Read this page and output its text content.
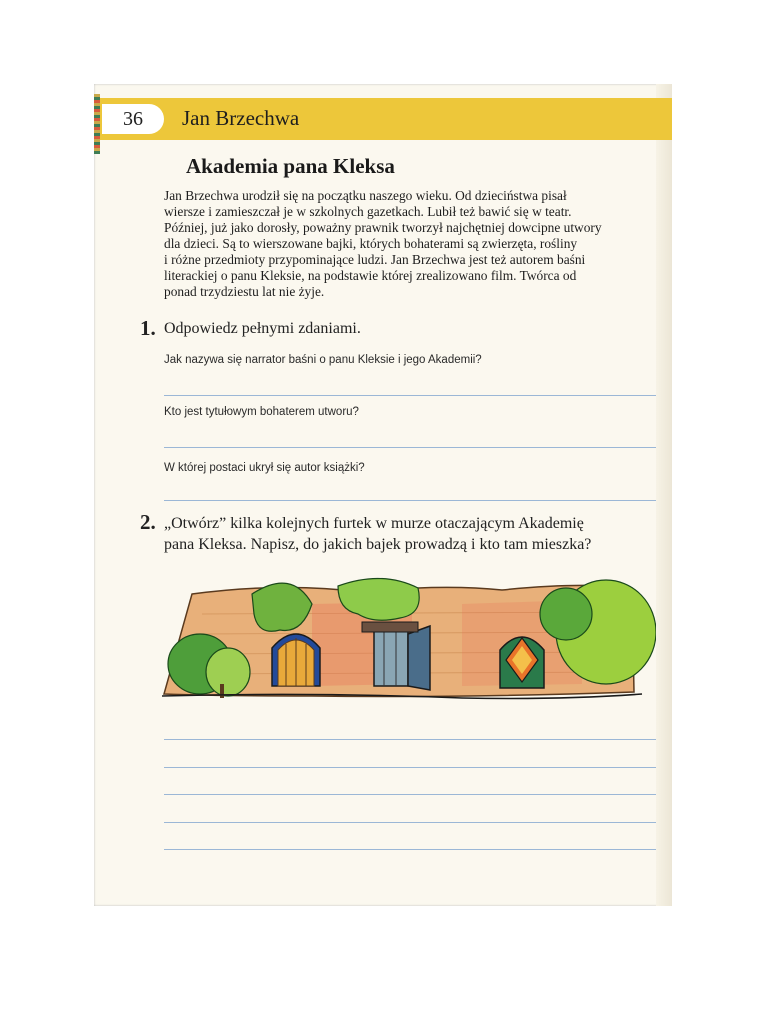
36	Jan Brzechwa
Akademia pana Kleksa

Jan Brzechwa urodził się na początku naszego wieku. Od dzieciństwa pisał
wiersze i zamieszczał je w szkolnych gazetkach. Lubił też bawić się w teatr.
Później, już jako dorosły, poważny prawnik tworzył najchętniej dowcipne utwory
dla dzieci. Są to wierszowane bajki, których bohaterami są zwierzęta, rośliny
i różne przedmioty przypominające ludzi. Jan Brzechwa jest też autorem baśni
literackiej o panu Kleksie, na podstawie której zrealizowano film. Twórca od
ponad trzydziestu lat nie żyje.

1. Odpowiedz pełnymi zdaniami.
Jak nazywa się narrator baśni o panu Kleksie i jego Akademii?
Kto jest tytułowym bohaterem utworu?
W której postaci ukrył się autor książki?
2. „Otwórz” kilka kolejnych furtek w murze otaczającym Akademię
pana Kleksa. Napisz, do jakich bajek prowadzą i kto tam mieszka?
